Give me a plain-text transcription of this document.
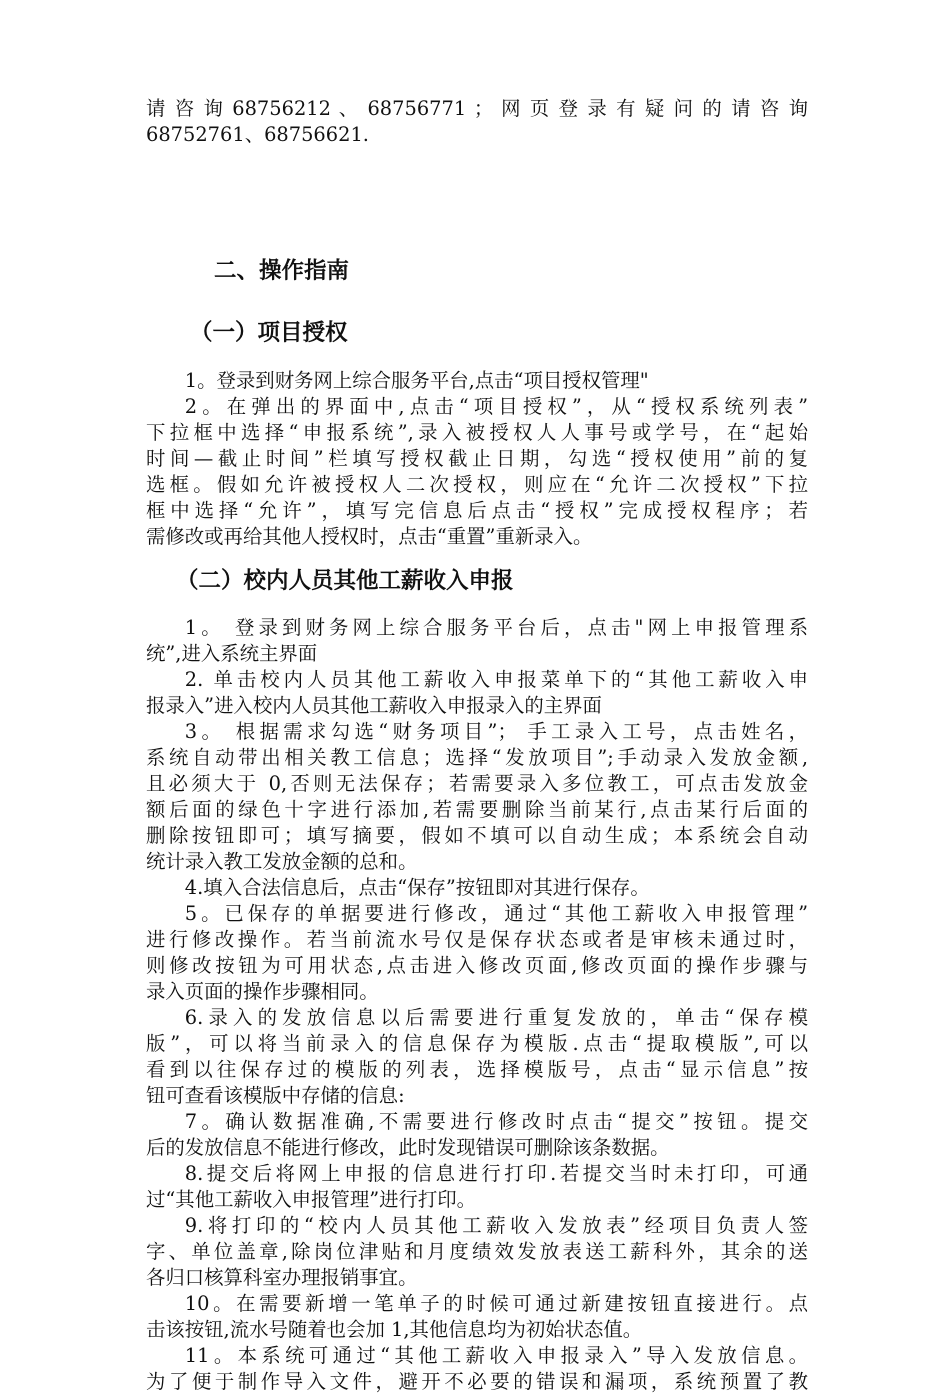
请 咨 询 68756212 、 68756771 ； 网 页 登 录 有 疑 问 的 请 咨 询

68752761、68756621.

二、操作指南
（一）项目授权
1。登录到财务网上综合服务平台,点击“项目授权管理"
2。在弹出的界面中,点击“项目授权”，从“授权系统列表”
下拉框中选择“申报系统”,录入被授权人人事号或学号，在“起始
时间—截止时间”栏填写授权截止日期，勾选“授权使用”前的复
选框。假如允许被授权人二次授权，则应在“允许二次授权”下拉
框中选择“允许”，填写完信息后点击“授权”完成授权程序；若
需修改或再给其他人授权时，点击“重置”重新录入。
（二）校内人员其他工薪收入申报
1。 登录到财务网上综合服务平台后，点击"网上申报管理系
统”,进入系统主界面
2. 单击校内人员其他工薪收入申报菜单下的“其他工薪收入申
报录入”进入校内人员其他工薪收入申报录入的主界面
3。 根据需求勾选“财务项目”； 手工录入工号，点击姓名，
系统自动带出相关教工信息；选择“发放项目”;手动录入发放金额,
且必须大于 0,否则无法保存；若需要录入多位教工，可点击发放金
额后面的绿色十字进行添加,若需要删除当前某行,点击某行后面的
删除按钮即可；填写摘要，假如不填可以自动生成；本系统会自动
统计录入教工发放金额的总和。
4.填入合法信息后，点击“保存”按钮即对其进行保存。
5。已保存的单据要进行修改，通过“其他工薪收入申报管理”
进行修改操作。若当前流水号仅是保存状态或者是审核未通过时，
则修改按钮为可用状态,点击进入修改页面,修改页面的操作步骤与
录入页面的操作步骤相同。
6.录入的发放信息以后需要进行重复发放的，单击“保存模
版”，可以将当前录入的信息保存为模版.点击“提取模版”,可以
看到以往保存过的模版的列表，选择模版号，点击“显示信息”按
钮可查看该模版中存储的信息:
7。确认数据准确,不需要进行修改时点击“提交”按钮。提交
后的发放信息不能进行修改，此时发现错误可删除该条数据。
8.提交后将网上申报的信息进行打印.若提交当时未打印，可通
过“其他工薪收入申报管理”进行打印。
9.将打印的“校内人员其他工薪收入发放表”经项目负责人签
字、单位盖章,除岗位津贴和月度绩效发放表送工薪科外，其余的送
各归口核算科室办理报销事宜。
10。在需要新增一笔单子的时候可通过新建按钮直接进行。点
击该按钮,流水号随着也会加 1,其他信息均为初始状态值。
11。本系统可通过“其他工薪收入申报录入”导入发放信息。
为了便于制作导入文件，避开不必要的错误和漏项，系统预置了教
